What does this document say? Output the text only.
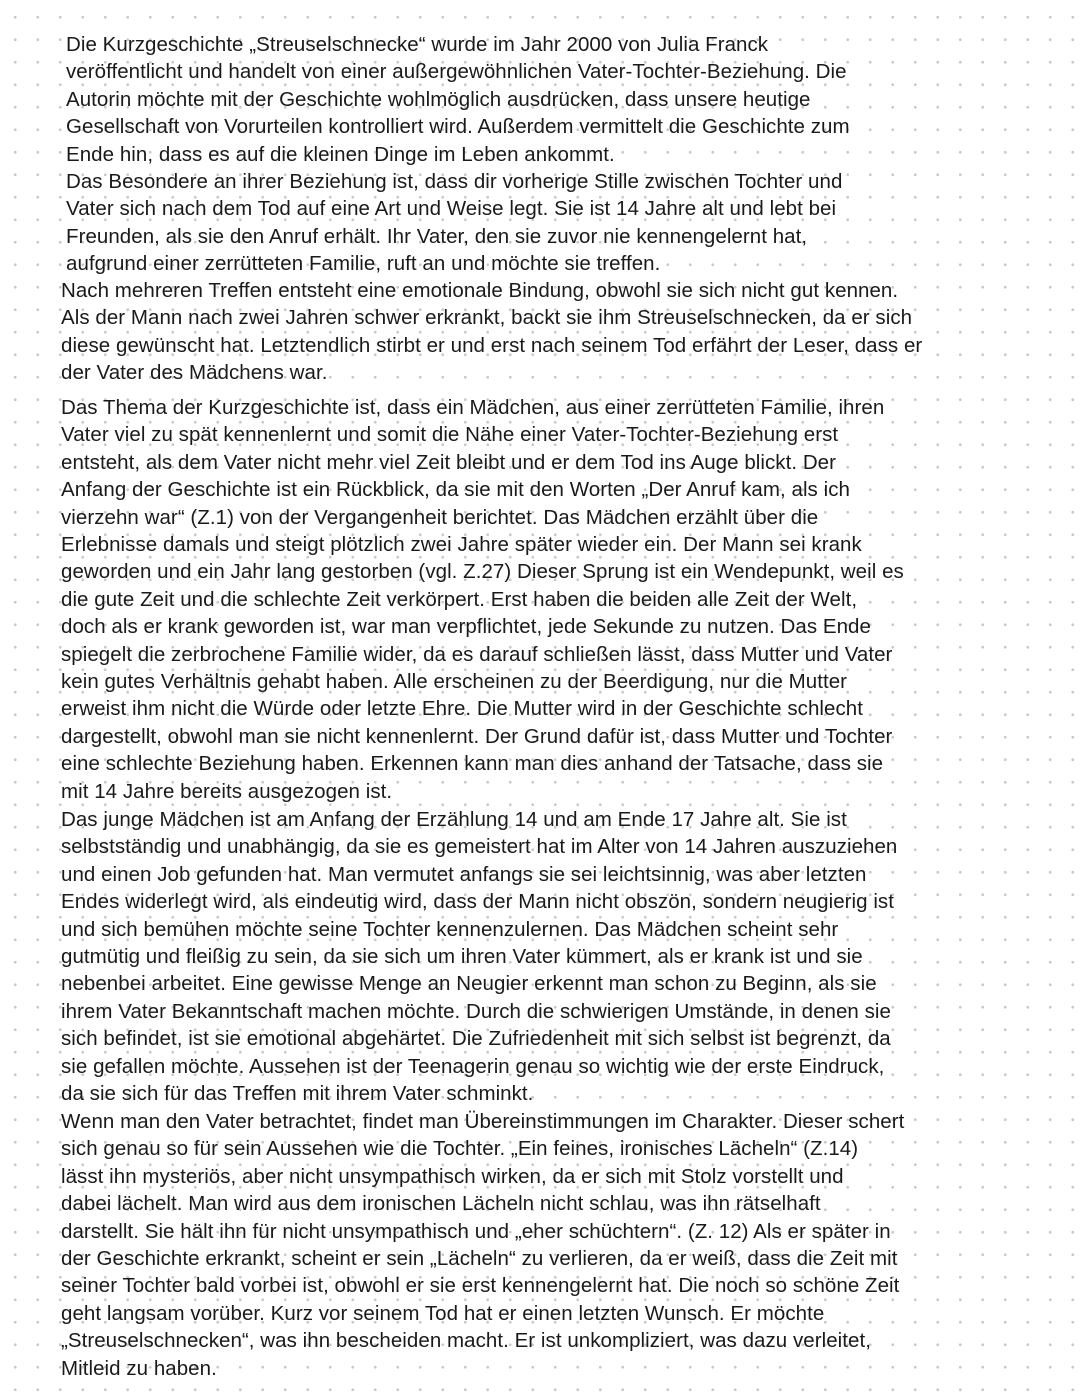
Die Kurzgeschichte „Streuselschnecke“ wurde im Jahr 2000 von Julia Franck
veröffentlicht und handelt von einer außergewöhnlichen Vater-Tochter-Beziehung. Die
Autorin möchte mit der Geschichte wohlmöglich ausdrücken, dass unsere heutige
Gesellschaft von Vorurteilen kontrolliert wird. Außerdem vermittelt die Geschichte zum
Ende hin, dass es auf die kleinen Dinge im Leben ankommt.
Das Besondere an ihrer Beziehung ist, dass dir vorherige Stille zwischen Tochter und
Vater sich nach dem Tod auf eine Art und Weise legt. Sie ist 14 Jahre alt und lebt bei
Freunden, als sie den Anruf erhält. Ihr Vater, den sie zuvor nie kennengelernt hat,
aufgrund einer zerrütteten Familie, ruft an und möchte sie treffen.
Nach mehreren Treffen entsteht eine emotionale Bindung, obwohl sie sich nicht gut kennen.
Als der Mann nach zwei Jahren schwer erkrankt, backt sie ihm Streuselschnecken, da er sich
diese gewünscht hat. Letztendlich stirbt er und erst nach seinem Tod erfährt der Leser, dass er
der Vater des Mädchens war.
Das Thema der Kurzgeschichte ist, dass ein Mädchen, aus einer zerrütteten Familie, ihren
Vater viel zu spät kennenlernt und somit die Nähe einer Vater-Tochter-Beziehung erst
entsteht, als dem Vater nicht mehr viel Zeit bleibt und er dem Tod ins Auge blickt. Der
Anfang der Geschichte ist ein Rückblick, da sie mit den Worten „Der Anruf kam, als ich
vierzehn war“ (Z.1) von der Vergangenheit berichtet. Das Mädchen erzählt über die
Erlebnisse damals und steigt plötzlich zwei Jahre später wieder ein. Der Mann sei krank
geworden und ein Jahr lang gestorben (vgl. Z.27) Dieser Sprung ist ein Wendepunkt, weil es
die gute Zeit und die schlechte Zeit verkörpert. Erst haben die beiden alle Zeit der Welt,
doch als er krank geworden ist, war man verpflichtet, jede Sekunde zu nutzen. Das Ende
spiegelt die zerbrochene Familie wider, da es darauf schließen lässt, dass Mutter und Vater
kein gutes Verhältnis gehabt haben. Alle erscheinen zu der Beerdigung, nur die Mutter
erweist ihm nicht die Würde oder letzte Ehre. Die Mutter wird in der Geschichte schlecht
dargestellt, obwohl man sie nicht kennenlernt. Der Grund dafür ist, dass Mutter und Tochter
eine schlechte Beziehung haben. Erkennen kann man dies anhand der Tatsache, dass sie
mit 14 Jahre bereits ausgezogen ist.
Das junge Mädchen ist am Anfang der Erzählung 14 und am Ende 17 Jahre alt. Sie ist
selbstständig und unabhängig, da sie es gemeistert hat im Alter von 14 Jahren auszuziehen
und einen Job gefunden hat. Man vermutet anfangs sie sei leichtsinnig, was aber letzten
Endes widerlegt wird, als eindeutig wird, dass der Mann nicht obszön, sondern neugierig ist
und sich bemühen möchte seine Tochter kennenzulernen. Das Mädchen scheint sehr
gutmütig und fleißig zu sein, da sie sich um ihren Vater kümmert, als er krank ist und sie
nebenbei arbeitet. Eine gewisse Menge an Neugier erkennt man schon zu Beginn, als sie
ihrem Vater Bekanntschaft machen möchte. Durch die schwierigen Umstände, in denen sie
sich befindet, ist sie emotional abgehärtet. Die Zufriedenheit mit sich selbst ist begrenzt, da
sie gefallen möchte. Aussehen ist der Teenagerin genau so wichtig wie der erste Eindruck,
da sie sich für das Treffen mit ihrem Vater schminkt.
Wenn man den Vater betrachtet, findet man Übereinstimmungen im Charakter. Dieser schert
sich genau so für sein Aussehen wie die Tochter. „Ein feines, ironisches Lächeln“ (Z.14)
lässt ihn mysteriös, aber nicht unsympathisch wirken, da er sich mit Stolz vorstellt und
dabei lächelt. Man wird aus dem ironischen Lächeln nicht schlau, was ihn rätselhaft
darstellt. Sie hält ihn für nicht unsympathisch und „eher schüchtern“. (Z. 12) Als er später in
der Geschichte erkrankt, scheint er sein „Lächeln“ zu verlieren, da er weiß, dass die Zeit mit
seiner Tochter bald vorbei ist, obwohl er sie erst kennengelernt hat. Die noch so schöne Zeit
geht langsam vorüber. Kurz vor seinem Tod hat er einen letzten Wunsch. Er möchte
„Streuselschnecken“, was ihn bescheiden macht. Er ist unkompliziert, was dazu verleitet,
Mitleid zu haben.
